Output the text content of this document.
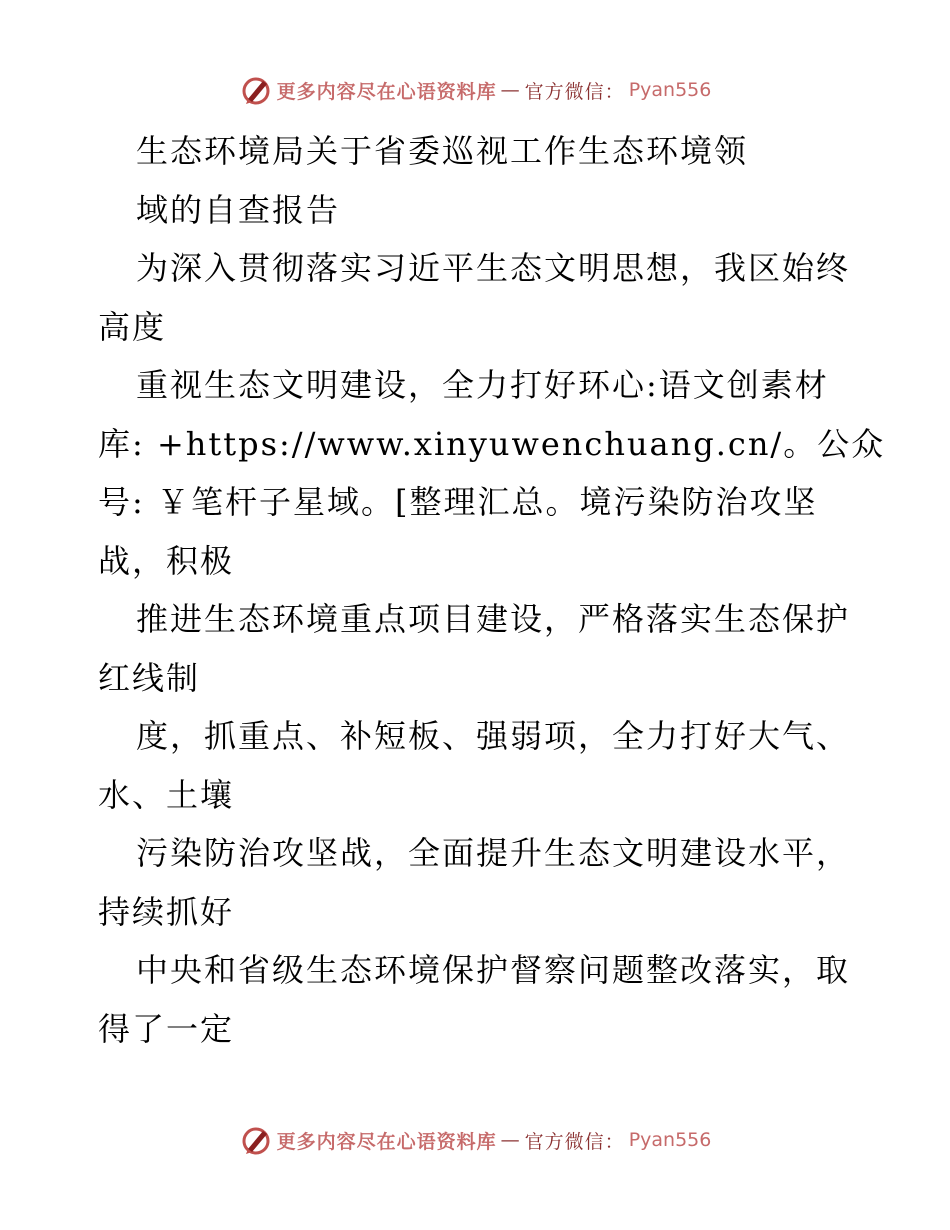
更多内容尽在心语资料库 — 官方微信： Pyan556
生态环境局关于省委巡视工作生态环境领
域的自查报告
为深入贯彻落实习近平生态文明思想，我区始终
高度
重视生态文明建设，全力打好环心:语文创素材
库: +https://www.xinyuwenchuang.cn/。公众
号: ￥笔杆子星域。[整理汇总。境污染防治攻坚
战，积极
推进生态环境重点项目建设，严格落实生态保护
红线制
度，抓重点、补短板、强弱项，全力打好大气、
水、土壤
污染防治攻坚战，全面提升生态文明建设水平，
持续抓好
中央和省级生态环境保护督察问题整改落实，取
得了一定
更多内容尽在心语资料库 — 官方微信： Pyan556
